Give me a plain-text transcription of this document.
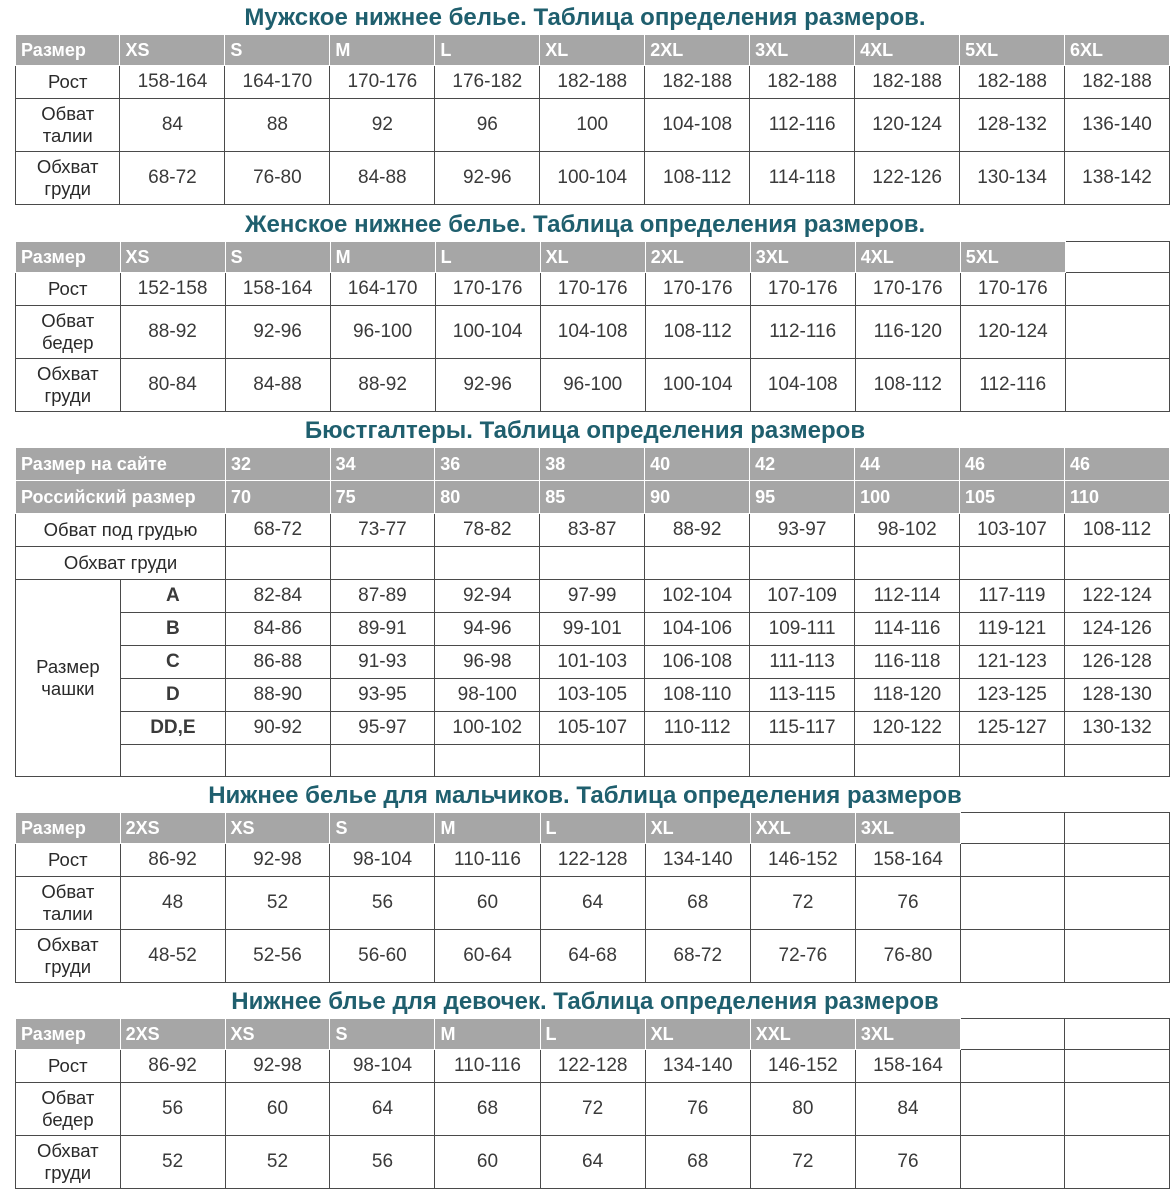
Мужское нижнее белье. Таблица определения размеров.
Размер	XS	S	M	L	XL	2XL	3XL	4XL	5XL	6XL
Рост	158-164	164-170	170-176	176-182	182-188	182-188	182-188	182-188	182-188	182-188
Обват талии	84	88	92	96	100	104-108	112-116	120-124	128-132	136-140
Обхват груди	68-72	76-80	84-88	92-96	100-104	108-112	114-118	122-126	130-134	138-142
Женское нижнее белье. Таблица определения размеров.
Размер	XS	S	M	L	XL	2XL	3XL	4XL	5XL	
Рост	152-158	158-164	164-170	170-176	170-176	170-176	170-176	170-176	170-176	
Обват бедер	88-92	92-96	96-100	100-104	104-108	108-112	112-116	116-120	120-124	
Обхват груди	80-84	84-88	88-92	92-96	96-100	100-104	104-108	108-112	112-116	
Бюстгалтеры. Таблица определения размеров
Размер на сайте		32	34	36	38	40	42	44	46	46
Российский размер		70	75	80	85	90	95	100	105	110
Обват под грудью		68-72	73-77	78-82	83-87	88-92	93-97	98-102	103-107	108-112
Обхват груди										
Размер чашки	A	82-84	87-89	92-94	97-99	102-104	107-109	112-114	117-119	122-124
	B	84-86	89-91	94-96	99-101	104-106	109-111	114-116	119-121	124-126
	C	86-88	91-93	96-98	101-103	106-108	111-113	116-118	121-123	126-128
	D	88-90	93-95	98-100	103-105	108-110	113-115	118-120	123-125	128-130
	DD,E	90-92	95-97	100-102	105-107	110-112	115-117	120-122	125-127	130-132

Нижнее белье для мальчиков. Таблица определения размеров
Размер	2XS	XS	S	M	L	XL	XXL	3XL		
Рост	86-92	92-98	98-104	110-116	122-128	134-140	146-152	158-164		
Обват талии	48	52	56	60	64	68	72	76		
Обхват груди	48-52	52-56	56-60	60-64	64-68	68-72	72-76	76-80		
Нижнее блье для девочек. Таблица определения размеров
Размер	2XS	XS	S	M	L	XL	XXL	3XL		
Рост	86-92	92-98	98-104	110-116	122-128	134-140	146-152	158-164		
Обват бедер	56	60	64	68	72	76	80	84		
Обхват груди	52	52	56	60	64	68	72	76		
